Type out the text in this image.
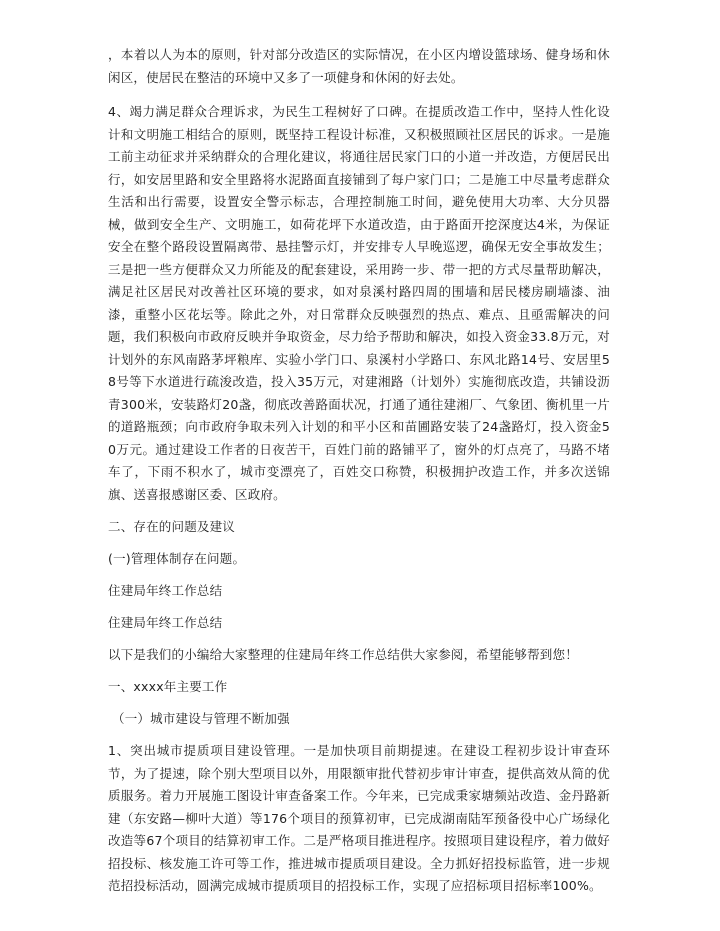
，本着以人为本的原则，针对部分改造区的实际情况，在小区内增设篮球场、健身场和休闲区，使居民在整洁的环境中又多了一项健身和休闲的好去处。

4、竭力满足群众合理诉求，为民生工程树好了口碑。在提质改造工作中，坚持人性化设计和文明施工相结合的原则，既坚持工程设计标准，又积极照顾社区居民的诉求。一是施工前主动征求并采纳群众的合理化建议，将通往居民家门口的小道一并改造，方便居民出行，如安居里路和安全里路将水泥路面直接铺到了每户家门口；二是施工中尽量考虑群众生活和出行需要，设置安全警示标志，合理控制施工时间，避免使用大功率、大分贝器械，做到安全生产、文明施工，如荷花坪下水道改造，由于路面开挖深度达4米，为保证安全在整个路段设置隔离带、悬挂警示灯，并安排专人早晚巡逻，确保无安全事故发生；三是把一些方便群众又力所能及的配套建设，采用跨一步、带一把的方式尽量帮助解决，满足社区居民对改善社区环境的要求，如对泉溪村路四周的围墙和居民楼房刷墙漆、油漆，重整小区花坛等。除此之外，对日常群众反映强烈的热点、难点、且亟需解决的问题，我们积极向市政府反映并争取资金，尽力给予帮助和解决，如投入资金33.8万元，对计划外的东风南路茅坪粮库、实验小学门口、泉溪村小学路口、东风北路14号、安居里58号等下水道进行疏浚改造，投入35万元，对建湘路（计划外）实施彻底改造，共铺设沥青300米，安装路灯20盏，彻底改善路面状况，打通了通往建湘厂、气象团、衡机里一片的道路瓶颈；向市政府争取未列入计划的和平小区和苗圃路安装了24盏路灯，投入资金50万元。通过建设工作者的日夜苦干，百姓门前的路铺平了，窗外的灯点亮了，马路不堵车了，下雨不积水了，城市变漂亮了，百姓交口称赞，积极拥护改造工作，并多次送锦旗、送喜报感谢区委、区政府。

二、存在的问题及建议
(一)管理体制存在问题。
住建局年终工作总结
住建局年终工作总结
以下是我们的小编给大家整理的住建局年终工作总结供大家参阅，希望能够帮到您！
一、xxxx年主要工作
（一）城市建设与管理不断加强

1、突出城市提质项目建设管理。一是加快项目前期提速。在建设工程初步设计审查环节，为了提速，除个别大型项目以外，用限额审批代替初步审计审查，提供高效从简的优质服务。着力开展施工图设计审查备案工作。今年来，已完成秉家塘频站改造、金丹路新建（东安路—柳叶大道）等176个项目的预算初审，已完成湖南陆军预备役中心广场绿化改造等67个项目的结算初审工作。二是严格项目推进程序。按照项目建设程序，着力做好招投标、核发施工许可等工作，推进城市提质项目建设。全力抓好招投标监管，进一步规范招投标活动，圆满完成城市提质项目的招投标工作，实现了应招标项目招标率100%。
